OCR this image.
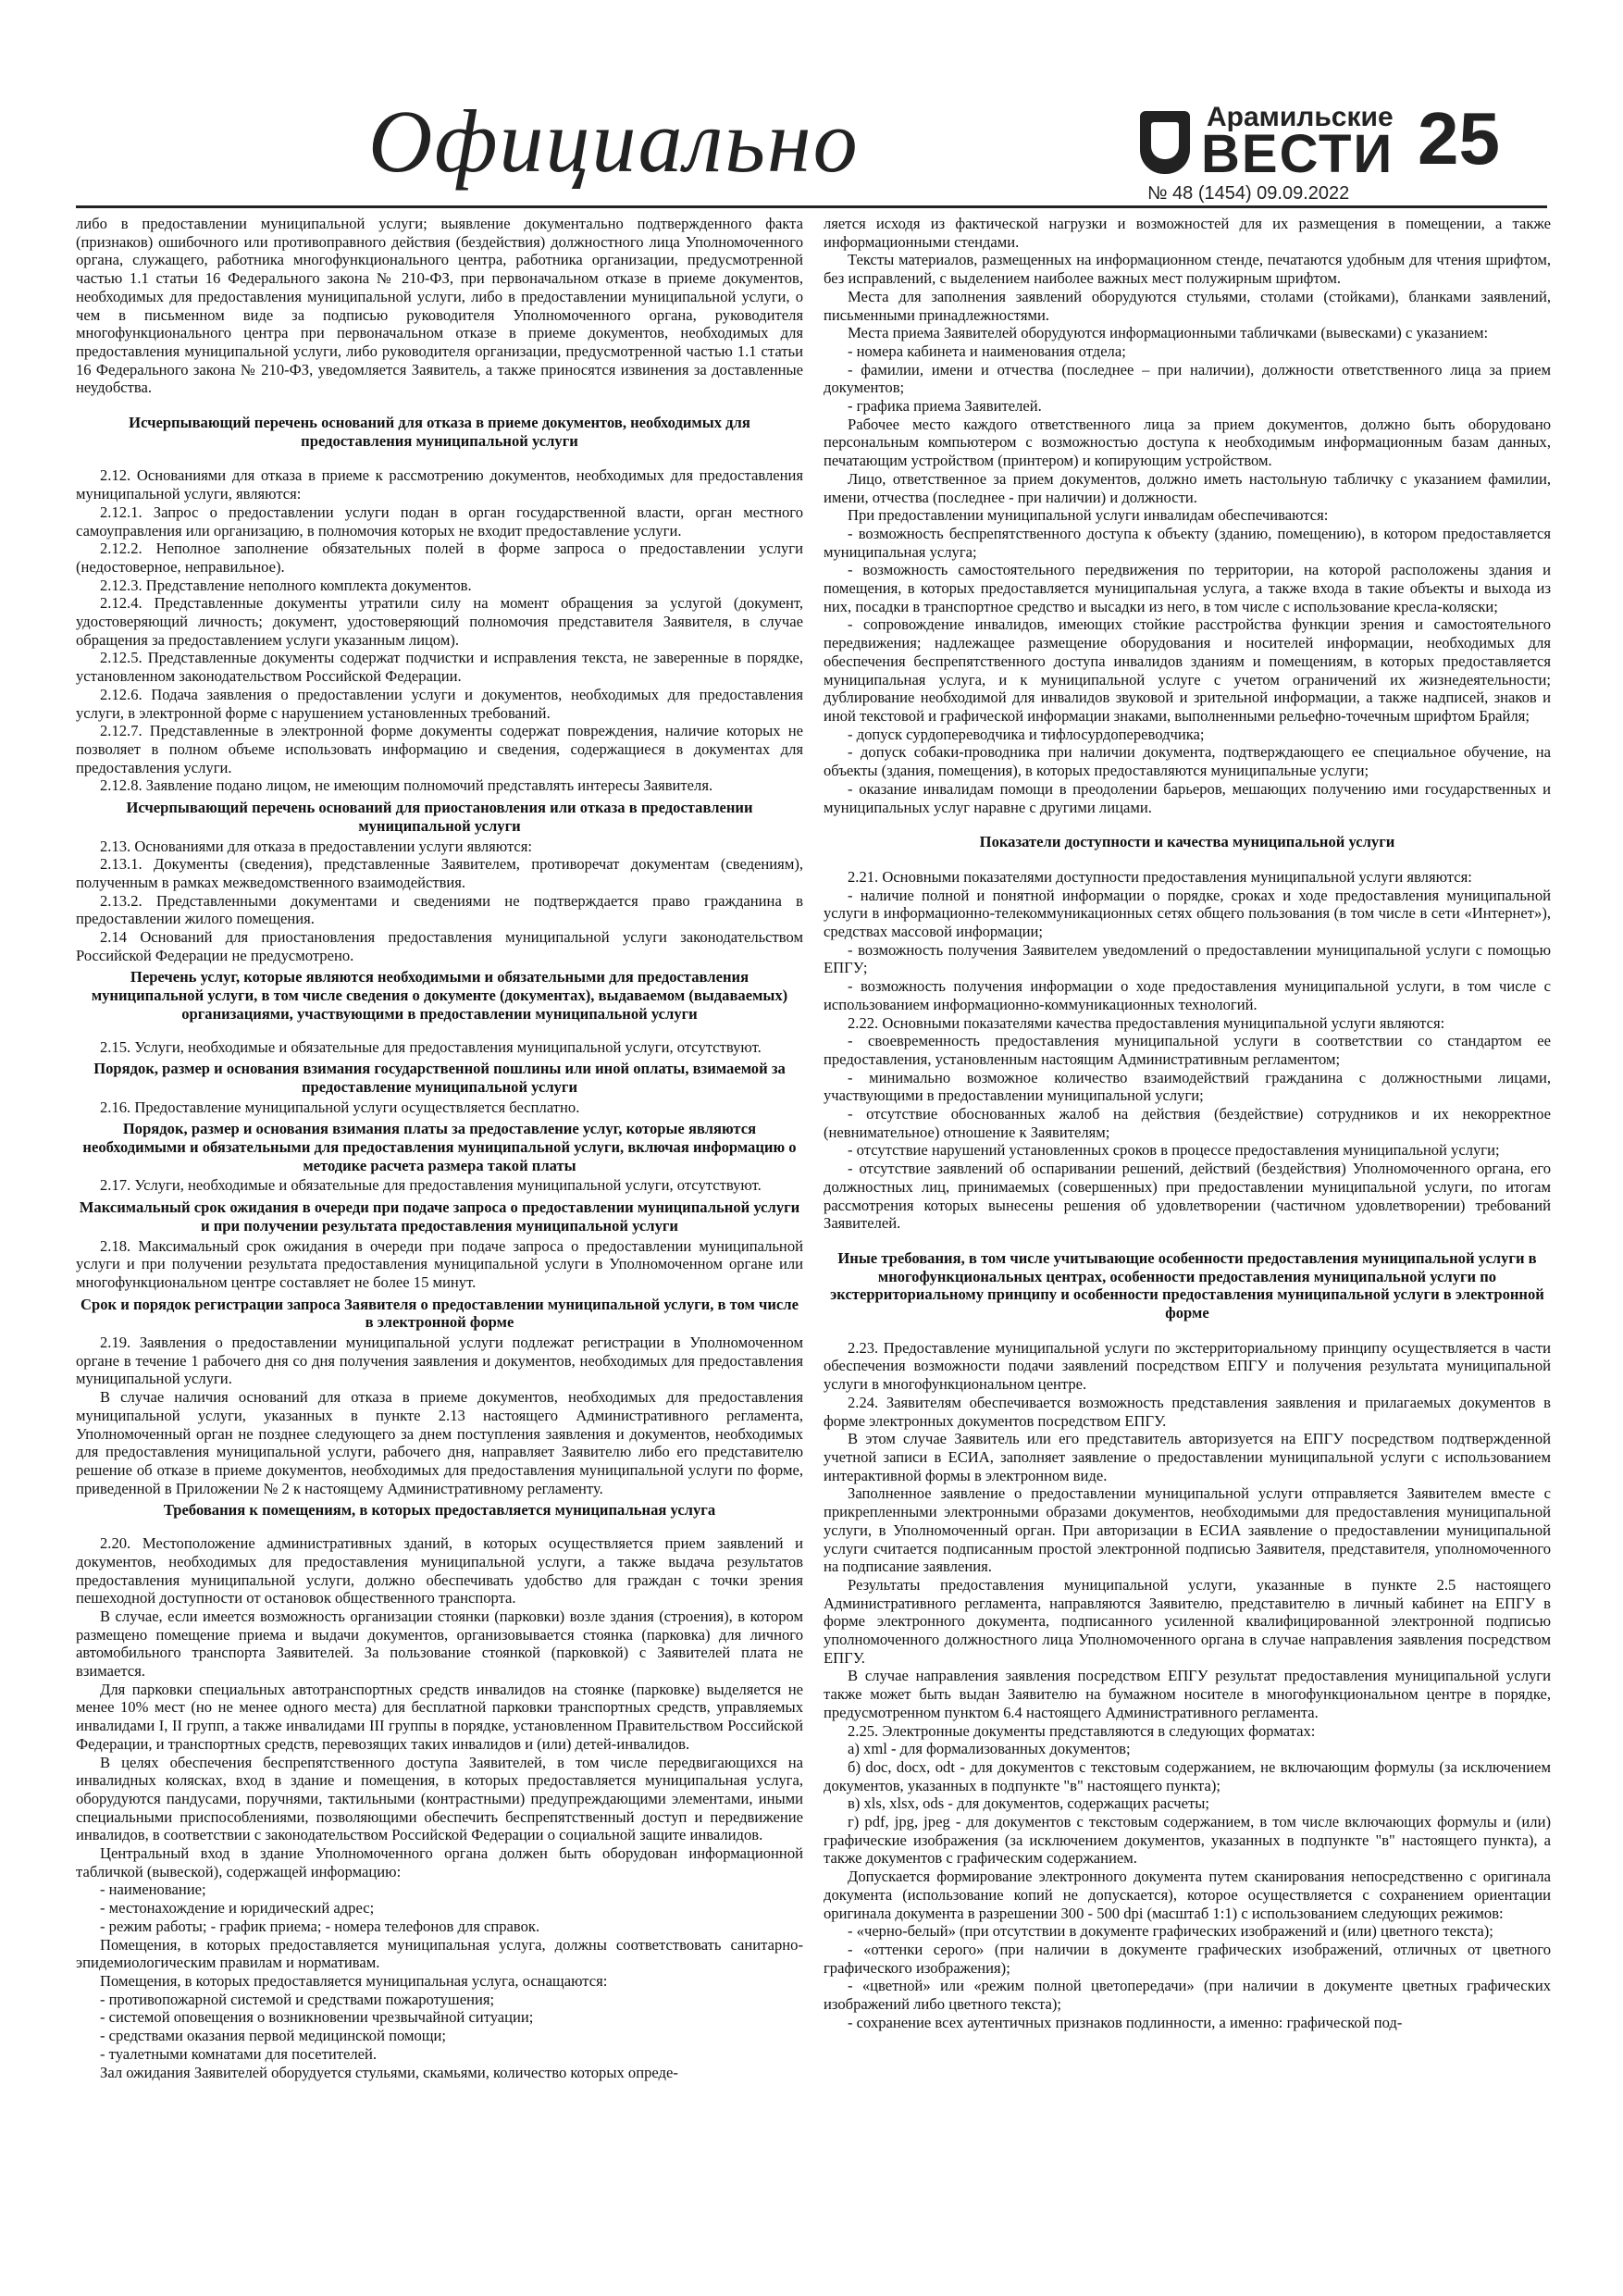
Официально	Арамильские
ВЕСТИ 25
№ 48 (1454) 09.09.2022

либо в предоставлении муниципальной услуги; выявление документально подтвержденного факта (признаков) ошибочного или противоправного действия (бездействия) должностного лица Уполномоченного органа, служащего, работника многофункционального центра, работника организации, предусмотренной частью 1.1 статьи 16 Федерального закона № 210-ФЗ, при первоначальном отказе в приеме документов, необходимых для предоставления муниципальной услуги, либо в предоставлении муниципальной услуги, о чем в письменном виде за подписью руководителя Уполномоченного органа, руководителя многофункционального центра при первоначальном отказе в приеме документов, необходимых для предоставления муниципальной услуги, либо руководителя организации, предусмотренной частью 1.1 статьи 16 Федерального закона № 210-ФЗ, уведомляется Заявитель, а также приносятся извинения за доставленные неудобства.

Исчерпывающий перечень оснований для отказа в приеме документов, необходимых для предоставления муниципальной услуги

2.12. Основаниями для отказа в приеме к рассмотрению документов, необходимых для предоставления муниципальной услуги, являются:

2.12.1. Запрос о предоставлении услуги подан в орган государственной власти, орган местного самоуправления или организацию, в полномочия которых не входит предоставление услуги.

2.12.2. Неполное заполнение обязательных полей в форме запроса о предоставлении услуги (недостоверное, неправильное).

2.12.3. Представление неполного комплекта документов.

2.12.4. Представленные документы утратили силу на момент обращения за услугой (документ, удостоверяющий личность; документ, удостоверяющий полномочия представителя Заявителя, в случае обращения за предоставлением услуги указанным лицом).

2.12.5. Представленные документы содержат подчистки и исправления текста, не заверенные в порядке, установленном законодательством Российской Федерации.

2.12.6. Подача заявления о предоставлении услуги и документов, необходимых для предоставления услуги, в электронной форме с нарушением установленных требований.

2.12.7. Представленные в электронной форме документы содержат повреждения, наличие которых не позволяет в полном объеме использовать информацию и сведения, содержащиеся в документах для предоставления услуги.

2.12.8. Заявление подано лицом, не имеющим полномочий представлять интересы Заявителя.

Исчерпывающий перечень оснований для приостановления или отказа в предоставлении муниципальной услуги

2.13. Основаниями для отказа в предоставлении услуги являются:

2.13.1. Документы (сведения), представленные Заявителем, противоречат документам (сведениям), полученным в рамках межведомственного взаимодействия.

2.13.2. Представленными документами и сведениями не подтверждается право гражданина в предоставлении жилого помещения.

2.14 Оснований для приостановления предоставления муниципальной услуги законодательством Российской Федерации не предусмотрено.

Перечень услуг, которые являются необходимыми и обязательными для предоставления муниципальной услуги, в том числе сведения о документе (документах), выдаваемом (выдаваемых) организациями, участвующими в предоставлении муниципальной услуги

2.15. Услуги, необходимые и обязательные для предоставления муниципальной услуги, отсутствуют.

Порядок, размер и основания взимания государственной пошлины или иной оплаты, взимаемой за предоставление муниципальной услуги

2.16. Предоставление муниципальной услуги осуществляется бесплатно.

Порядок, размер и основания взимания платы за предоставление услуг, которые являются необходимыми и обязательными для предоставления муниципальной услуги, включая информацию о методике расчета размера такой платы

2.17. Услуги, необходимые и обязательные для предоставления муниципальной услуги, отсутствуют.

Максимальный срок ожидания в очереди при подаче запроса о предоставлении муниципальной услуги и при получении результата предоставления муниципальной услуги

2.18. Максимальный срок ожидания в очереди при подаче запроса о предоставлении муниципальной услуги и при получении результата предоставления муниципальной услуги в Уполномоченном органе или многофункциональном центре составляет не более 15 минут.

Срок и порядок регистрации запроса Заявителя о предоставлении муниципальной услуги, в том числе в электронной форме

2.19. Заявления о предоставлении муниципальной услуги подлежат регистрации в Уполномоченном органе в течение 1 рабочего дня со дня получения заявления и документов, необходимых для предоставления муниципальной услуги.

В случае наличия оснований для отказа в приеме документов, необходимых для предоставления муниципальной услуги, указанных в пункте 2.13 настоящего Административного регламента, Уполномоченный орган не позднее следующего за днем поступления заявления и документов, необходимых для предоставления муниципальной услуги, рабочего дня, направляет Заявителю либо его представителю решение об отказе в приеме документов, необходимых для предоставления муниципальной услуги по форме, приведенной в Приложении № 2 к настоящему Административному регламенту.

Требования к помещениям, в которых предоставляется муниципальная услуга

2.20. Местоположение административных зданий, в которых осуществляется прием заявлений и документов, необходимых для предоставления муниципальной услуги, а также выдача результатов предоставления муниципальной услуги, должно обеспечивать удобство для граждан с точки зрения пешеходной доступности от остановок общественного транспорта.

В случае, если имеется возможность организации стоянки (парковки) возле здания (строения), в котором размещено помещение приема и выдачи документов, организовывается стоянка (парковка) для личного автомобильного транспорта Заявителей. За пользование стоянкой (парковкой) с Заявителей плата не взимается.

Для парковки специальных автотранспортных средств инвалидов на стоянке (парковке) выделяется не менее 10% мест (но не менее одного места) для бесплатной парковки транспортных средств, управляемых инвалидами I, II групп, а также инвалидами III группы в порядке, установленном Правительством Российской Федерации, и транспортных средств, перевозящих таких инвалидов и (или) детей-инвалидов.

В целях обеспечения беспрепятственного доступа Заявителей, в том числе передвигающихся на инвалидных колясках, вход в здание и помещения, в которых предоставляется муниципальная услуга, оборудуются пандусами, поручнями, тактильными (контрастными) предупреждающими элементами, иными специальными приспособлениями, позволяющими обеспечить беспрепятственный доступ и передвижение инвалидов, в соответствии с законодательством Российской Федерации о социальной защите инвалидов.

Центральный вход в здание Уполномоченного органа должен быть оборудован информационной табличкой (вывеской), содержащей информацию:

- наименование;

- местонахождение и юридический адрес;

- режим работы; - график приема; - номера телефонов для справок.

Помещения, в которых предоставляется муниципальная услуга, должны соответствовать санитарно-эпидемиологическим правилам и нормативам.

Помещения, в которых предоставляется муниципальная услуга, оснащаются:

- противопожарной системой и средствами пожаротушения;

- системой оповещения о возникновении чрезвычайной ситуации;

- средствами оказания первой медицинской помощи;

- туалетными комнатами для посетителей.

Зал ожидания Заявителей оборудуется стульями, скамьями, количество которых опреде-

ляется исходя из фактической нагрузки и возможностей для их размещения в помещении, а также информационными стендами.

Тексты материалов, размещенных на информационном стенде, печатаются удобным для чтения шрифтом, без исправлений, с выделением наиболее важных мест полужирным шрифтом.

Места для заполнения заявлений оборудуются стульями, столами (стойками), бланками заявлений, письменными принадлежностями.

Места приема Заявителей оборудуются информационными табличками (вывесками) с указанием:

- номера кабинета и наименования отдела;

- фамилии, имени и отчества (последнее – при наличии), должности ответственного лица за прием документов;

- графика приема Заявителей.

Рабочее место каждого ответственного лица за прием документов, должно быть оборудовано персональным компьютером с возможностью доступа к необходимым информационным базам данных, печатающим устройством (принтером) и копирующим устройством.

Лицо, ответственное за прием документов, должно иметь настольную табличку с указанием фамилии, имени, отчества (последнее - при наличии) и должности.

При предоставлении муниципальной услуги инвалидам обеспечиваются:

- возможность беспрепятственного доступа к объекту (зданию, помещению), в котором предоставляется муниципальная услуга;

- возможность самостоятельного передвижения по территории, на которой расположены здания и помещения, в которых предоставляется муниципальная услуга, а также входа в такие объекты и выхода из них, посадки в транспортное средство и высадки из него, в том числе с использование кресла-коляски;

- сопровождение инвалидов, имеющих стойкие расстройства функции зрения и самостоятельного передвижения; надлежащее размещение оборудования и носителей информации, необходимых для обеспечения беспрепятственного доступа инвалидов зданиям и помещениям, в которых предоставляется муниципальная услуга, и к муниципальной услуге с учетом ограничений их жизнедеятельности; дублирование необходимой для инвалидов звуковой и зрительной информации, а также надписей, знаков и иной текстовой и графической информации знаками, выполненными рельефно-точечным шрифтом Брайля;

- допуск сурдопереводчика и тифлосурдопереводчика;

- допуск собаки-проводника при наличии документа, подтверждающего ее специальное обучение, на объекты (здания, помещения), в которых предоставляются муниципальные услуги;

- оказание инвалидам помощи в преодолении барьеров, мешающих получению ими государственных и муниципальных услуг наравне с другими лицами.

Показатели доступности и качества муниципальной услуги

2.21. Основными показателями доступности предоставления муниципальной услуги являются:

- наличие полной и понятной информации о порядке, сроках и ходе предоставления муниципальной услуги в информационно-телекоммуникационных сетях общего пользования (в том числе в сети «Интернет»), средствах массовой информации;

- возможность получения Заявителем уведомлений о предоставлении муниципальной услуги с помощью ЕПГУ;

- возможность получения информации о ходе предоставления муниципальной услуги, в том числе с использованием информационно-коммуникационных технологий.

2.22. Основными показателями качества предоставления муниципальной услуги являются:

- своевременность предоставления муниципальной услуги в соответствии со стандартом ее предоставления, установленным настоящим Административным регламентом;

- минимально возможное количество взаимодействий гражданина с должностными лицами, участвующими в предоставлении муниципальной услуги;

- отсутствие обоснованных жалоб на действия (бездействие) сотрудников и их некорректное (невнимательное) отношение к Заявителям;

- отсутствие нарушений установленных сроков в процессе предоставления муниципальной услуги;

- отсутствие заявлений об оспаривании решений, действий (бездействия) Уполномоченного органа, его должностных лиц, принимаемых (совершенных) при предоставлении муниципальной услуги, по итогам рассмотрения которых вынесены решения об удовлетворении (частичном удовлетворении) требований Заявителей.

Иные требования, в том числе учитывающие особенности предоставления муниципальной услуги в многофункциональных центрах, особенности предоставления муниципальной услуги по экстерриториальному принципу и особенности предоставления муниципальной услуги в электронной форме

2.23. Предоставление муниципальной услуги по экстерриториальному принципу осуществляется в части обеспечения возможности подачи заявлений посредством ЕПГУ и получения результата муниципальной услуги в многофункциональном центре.

2.24. Заявителям обеспечивается возможность представления заявления и прилагаемых документов в форме электронных документов посредством ЕПГУ.

В этом случае Заявитель или его представитель авторизуется на ЕПГУ посредством подтвержденной учетной записи в ЕСИА, заполняет заявление о предоставлении муниципальной услуги с использованием интерактивной формы в электронном виде.

Заполненное заявление о предоставлении муниципальной услуги отправляется Заявителем вместе с прикрепленными электронными образами документов, необходимыми для предоставления муниципальной услуги, в Уполномоченный орган. При авторизации в ЕСИА заявление о предоставлении муниципальной услуги считается подписанным простой электронной подписью Заявителя, представителя, уполномоченного на подписание заявления.

Результаты предоставления муниципальной услуги, указанные в пункте 2.5 настоящего Административного регламента, направляются Заявителю, представителю в личный кабинет на ЕПГУ в форме электронного документа, подписанного усиленной квалифицированной электронной подписью уполномоченного должностного лица Уполномоченного органа в случае направления заявления посредством ЕПГУ.

В случае направления заявления посредством ЕПГУ результат предоставления муниципальной услуги также может быть выдан Заявителю на бумажном носителе в многофункциональном центре в порядке, предусмотренном пунктом 6.4 настоящего Административного регламента.

2.25. Электронные документы представляются в следующих форматах:

а) xml - для формализованных документов;

б) doc, docx, odt - для документов с текстовым содержанием, не включающим формулы (за исключением документов, указанных в подпункте "в" настоящего пункта);

в) xls, xlsx, ods - для документов, содержащих расчеты;

г) pdf, jpg, jpeg - для документов с текстовым содержанием, в том числе включающих формулы и (или) графические изображения (за исключением документов, указанных в подпункте "в" настоящего пункта), а также документов с графическим содержанием.

Допускается формирование электронного документа путем сканирования непосредственно с оригинала документа (использование копий не допускается), которое осуществляется с сохранением ориентации оригинала документа в разрешении 300 - 500 dpi (масштаб 1:1) с использованием следующих режимов:

- «черно-белый» (при отсутствии в документе графических изображений и (или) цветного текста);

- «оттенки серого» (при наличии в документе графических изображений, отличных от цветного графического изображения);

- «цветной» или «режим полной цветопередачи» (при наличии в документе цветных графических изображений либо цветного текста);

- сохранение всех аутентичных признаков подлинности, а именно: графической под-
